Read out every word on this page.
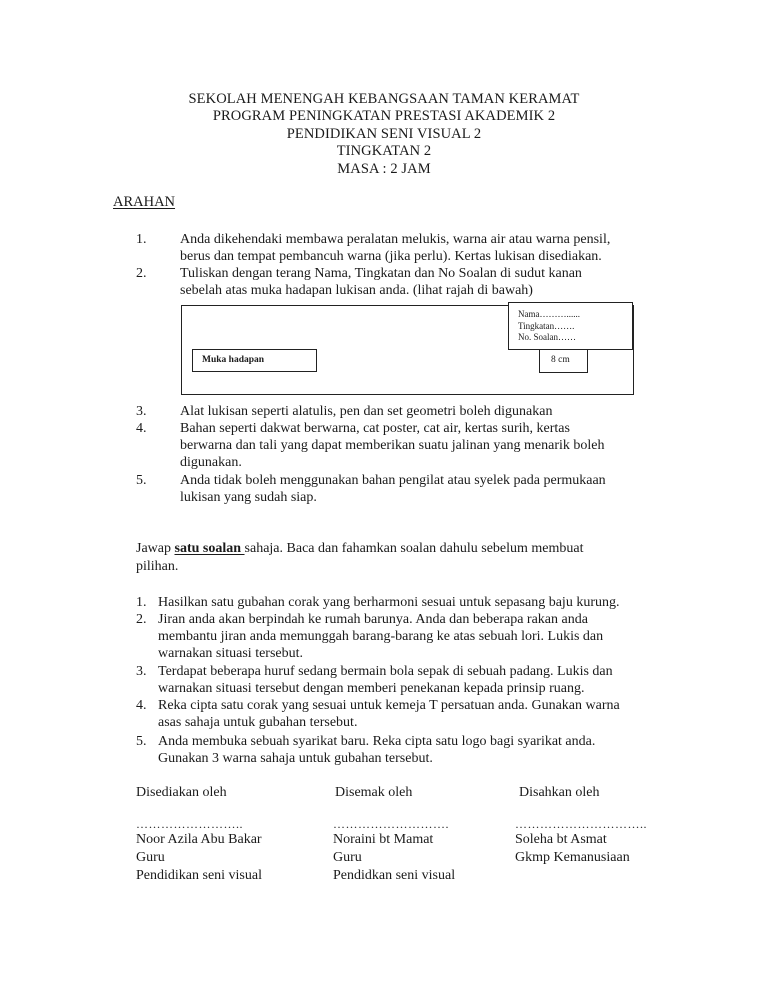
SEKOLAH MENENGAH KEBANGSAAN TAMAN KERAMAT
PROGRAM PENINGKATAN PRESTASI AKADEMIK 2
PENDIDIKAN SENI VISUAL 2
TINGKATAN 2
MASA : 2 JAM
ARAHAN
1. Anda dikehendaki membawa peralatan melukis, warna air atau warna pensil,
berus dan tempat pembancuh warna (jika perlu). Kertas lukisan disediakan.
2. Tuliskan dengan terang Nama, Tingkatan dan No Soalan di sudut kanan
sebelah atas muka hadapan lukisan anda. (lihat rajah di bawah)
Nama………......
Tingkatan…….
No. Soalan……
Muka hadapan	8 cm
3. Alat lukisan seperti alatulis, pen dan set geometri boleh digunakan
4. Bahan seperti dakwat berwarna, cat poster, cat air, kertas surih, kertas
berwarna dan tali yang dapat memberikan suatu jalinan yang menarik boleh
digunakan.
5. Anda tidak boleh menggunakan bahan pengilat atau syelek pada permukaan
lukisan yang sudah siap.
Jawap satu soalan sahaja. Baca dan fahamkan soalan dahulu sebelum membuat
pilihan.
1. Hasilkan satu gubahan corak yang berharmoni sesuai untuk sepasang baju kurung.
2. Jiran anda akan berpindah ke rumah barunya. Anda dan beberapa rakan anda
membantu jiran anda memunggah barang-barang ke atas sebuah lori. Lukis dan
warnakan situasi tersebut.
3. Terdapat beberapa huruf sedang bermain bola sepak di sebuah padang. Lukis dan
warnakan situasi tersebut dengan memberi penekanan kepada prinsip ruang.
4. Reka cipta satu corak yang sesuai untuk kemeja T persatuan anda. Gunakan warna
asas sahaja untuk gubahan tersebut.
5. Anda membuka sebuah syarikat baru. Reka cipta satu logo bagi syarikat anda.
Gunakan 3 warna sahaja untuk gubahan tersebut.
Disediakan oleh
……………………..
Noor Azila Abu Bakar
Guru
Pendidikan seni visual
Disemak oleh
……………………….
Noraini bt Mamat
Guru
Pendidkan seni visual
Disahkan oleh
…………………………..
Soleha bt Asmat
Gkmp Kemanusiaan
